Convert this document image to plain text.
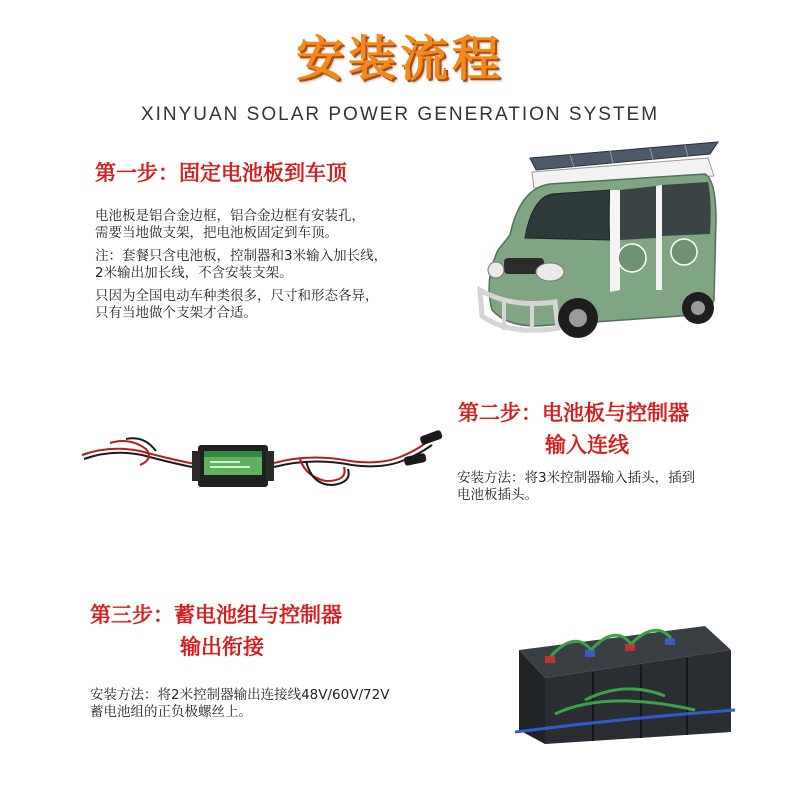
安装流程
XINYUAN SOLAR POWER GENERATION SYSTEM
第一步：固定电池板到车顶

电池板是铝合金边框，铝合金边框有安装孔，
需要当地做支架，把电池板固定到车顶。

注：套餐只含电池板，控制器和3米输入加长线，
2米输出加长线，不含安装支架。

只因为全国电动车种类很多，尺寸和形态各异，
只有当地做个支架才合适。

第二步：电池板与控制器
输入连线
安装方法：将3米控制器输入插头，插到
电池板插头。
第三步：蓄电池组与控制器
输出衔接
安装方法：将2米控制器输出连接线48V/60V/72V
蓄电池组的正负极螺丝上。
